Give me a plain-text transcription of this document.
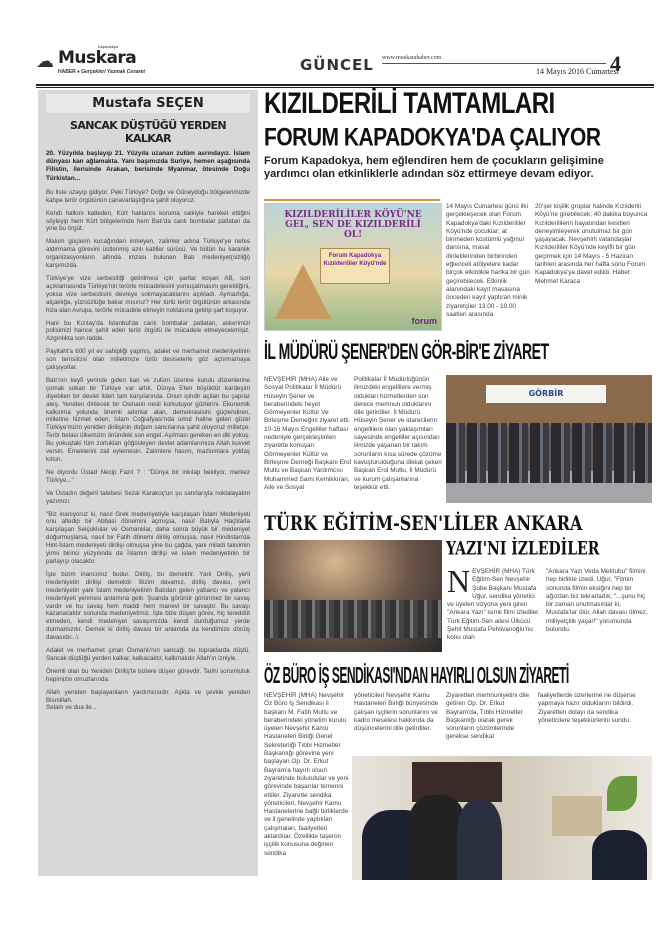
☁
Kapadokya
Muskara
HABER ♦ Gerçekleri Yazmak Cesaret	GÜNCEL www.muskarahaber.com
14 Mayıs 2016 Cumartesi
4
Mustafa SEÇEN
SANCAK DÜŞTÜĞÜ YERDEN KALKAR

20. Yüzyılda başlayıp 21. Yüzyıla uzanan zulüm asrındayız. İslam dünyası kan ağlamakta. Yanı başımızda Suriye, hemen aşağısında Filistin, ilerisinde Arakan, berisinde Myanmar, ötesinde Doğu Türkistan...

Bu liste uzayıp gidiyor. Peki Türkiye? Doğu ve Güneydoğu bölgelerimizde kahpe terör örgütünün canavarlaştığına şahit oluyoruz.

Kendi halkını katleden, Kürt haklarını koruma saikiyle hareket ettiğini söyleyip hem Kürt bölgelerinde hem Batı'da canlı bombalar patlatan da yine bu örgüt.

Malum güçlerin kucağından inmeyen, zalimler adına Türkiye'ye nefes aldırmama görevini üstlenmiş azılı katiller sürüsü. Ve bütün bu karanlık organizasyonların altında imzası bulunan Batı medeniyet(sizliği) karşımızda.

Türkiye'ye vize serbestliği getirilmesi için şartlar koşan AB, son açıklamasında Türkiye'nin terörle mücadelesini yumuşatmasını gerektiğini, yoksa vize serbestisini devreye sokmayacaklarını açıkladı. Aymazlığa, alçaklığa, yüzsüzlüğe bakar mısınız? Her türlü terör örgütünün arkasında hiza alan Avrupa, terörle mücadele etmeyin noktasına getirip şart koşuyor.

Hani bu Kızılay'da İstanbul'da canlı bombalar patlatan, askerimizi polisimizi haince şehit eden terör örgütü ile mücadele etmeyecekmişiz. Azgınlıkta son radde.

Payitaht'a 600 yıl ev sahipliği yapmış, adalet ve merhamet medeniyetinin son temsilcisi olan milletimize türlü desiselerle göz açtırmamaya çalışıyorlar.

Batı'nın keyfi yerinde giden kan ve zulüm üzerine kurulu düzenlerine çomak sokan bir Türkiye var artık. Dünya 5'ten büyüktür kardeşim diyebilen bir devlet lideri tam karşılarında. Onun içindir açılan bu çapraz ateş. Yeniden dirilecek bir Osmanlı nesli korkutuyor gözlerini. Ekonomik kalkınma yolunda önemli adımlar atan, demokrasisini güçlendiren, milletine hizmet eden, İslam Coğrafyası'nda umut haline gelen güzel Türkiye'mizin yeniden dirilişinin doğum sancılarına şahit oluyoruz milletçe. Terör belası ülkemizin önündeki son engel. Aşılması gereken en dik yokuş. Bu yokuştaki tüm zorlukları göğüsleyen devlet adamlarımıza Allah kuvvet versin. Emeklerini zail eylemesin. Zalimlere hasım, mazlumlara yoldaş kılsın.

Ne diyordu Üstad Necip Fazıl ? : "Dünya bir inkılap bekliyor, merkez Türkiye..."

Ve Üstadın değerli talebesi Sezai Karakoç'un şu satırlarıyla noktalayalım yazımızı:

"Biz inanıyoruz ki, nasıl Grek medeniyetiyle karşılaşan İslam Medeniyeti onu altedip bir Abbasi dönemini açmışsa, nasıl Batıyla Haçlılarla karşılaşan Selçuklular ve Osmanlılar, daha sonra büyük bir medeniyet doğurmuşlarsa, nasıl bir Fatih dönemi diriliş olmuşsa, nasıl Hindistan'da Hint-İslam medeniyeti dirilişi olmuşsa yine bu çağda, yani miladi takvimin yirmi birinci yüzyılında da İslamın dirilişi ve islam medeniyetinin bir parlayışı olacaktır.

İşte bizim inancımız budur. Diriliş, bu demektir. Yani Diriliş, yerli medeniyetin dirilişi demektir. Bizim davamız, diriliş davası, yerli medeniyetin yani İslam medeniyetinin Batıdan gelen yabancı ve yalancı medeniyeti yenmesi anlamına gelir. Şuanda görünür görünmez bir savaş vardır ve bu savaş hem maddi hem manevi bir savaştır. Bu savaşı kazanacaktır sonunda medeniyetimiz. İşte bize düşen görev, hiç tereddüt etmeden, kendi medeniyet savaşımızda kendi durduğumuz yerde durmamızdır. Demek ki diriliş davası bir anlamda da kendimize dönüş davasıdır...\

Adalet ve merhamet çınan Osmanlı'nın sancağı bu topraklarda düştü. Sancak düştüğü yerden kalkar, kalkacaktır, kalkmalıdır Allah'ın izniyle.

Önemli olan bu Yeniden Diriliş'te bizlere düşen görevdir. Tarihi sorumluluk hepimizin omuzlarında.

Allah yeniden başlayanların yardımcısıdır. Aşkla ve şevkle yeniden Bismillah.
Selam ve dua ile...

KIZILDERİLİ TAMTAMLARI
FORUM KAPADOKYA'DA ÇALIYOR
Forum Kapadokya, hem eğlendiren hem de çocukların gelişimine yardımcı olan etkinliklerle adından söz ettirmeye devam ediyor.
KIZILDERİLİLER KÖYÜ'NE GEL, SEN DE KIZILDERİLİ OL!
Forum Kapadokya Kızılderililer Köyü'nde
forum
14 Mayıs Cumartesi günü ilki gerçekleşecek olan Forum Kapadokya'daki Kızılderililer Köyü'nde çocuklar; at binmeden kostümlü yağmur dansına, masal dinletilerinden birbirinden eğlenceli atölyelere kadar birçok etkinlikle harika bir gün geçirebilecek. Etkinlik alanındaki kayıt masasına önceden kayıt yaptıran minik ziyaretçiler 13.00 - 19.00 saatleri arasında
20'şer kişilik gruplar halinde Kızılderili Köyü'ne girebilecek; 40 dakika boyunca Kızılderililerin hayatından kesitleri deneyimleyerek unutulmaz bir gün yaşayacak. Nevşehirli vatandaşlar Kızılderililer Köyü'nde keyifli bir gün geçirmek için 14 Mayıs - 5 Haziran tarihleri arasında her hafta sonu Forum Kapadokya'ya davet edildi. Haber: Mehmet Karaca
İL MÜDÜRÜ ŞENER'DEN GÖR-BİR'E ZİYARET
NEVŞEHİR (MHA) Aile ve Sosyal Politikalar İl Müdürü Hüseyin Şener ve beraberindeki heyet Görmeyenler Kültür Ve Birleşme Demeğini ziyaret etti. 10-16 Mayıs Engelliler haftası nedeniyle gerçekleştirilen ziyarette konuşan Görmeyenler Kültür ve Birleşme Derneği Başkanı Erol Mutlu ve Başkan Yardımcısı Muhammed Sami Kemikkıran, Aile ve Sosyal
Politikalar İl Müdürlüğünün ilimizdeki engellilere vermiş oldukları hizmetlerden son derece memnun olduklarını dile getirdiler. İl Müdürü Hüseyin Şener ve idarecilerin engellilere olan yaklaşımları sayesinde engelliler açısından ilimizde yaşanan bir takım sorunların kısa sürede çözüme kavuşturulduğuna dikkat çeken Başkan Erol Mutlu, İl Müdürü ve kurum çalışanlarına teşekkür etti.
GÖRBİR
TÜRK EĞİTİM-SEN'LİLER ANKARA
YAZI'NI İZLEDİLER
NEVŞEHİR (MHA) Türk Eğitim-Sen Nevşehir Şube Başkanı Mustafa Uğur, sendika yönetici ve üyeleri vizyona yeni giren "Ankara Yazı" isimli filmi izlediler. Türk Eğitim-Sen ailesi Ülkücü Şehit Mustafa Pehlivanoğlu'nu konu olan
"Ankara Yazı Veda Mektubu" filmini hep birlikte izledi. Uğur, "Filmin sonunda filmin eksiğini hep bir ağızdan biz tekrarladık; "...şunu hiç bir zaman unutmasınlar ki, Mustafa'lar ölür, Allah davası ölmez, milliyetçilik yaşar!" yorumunda bulundu.
ÖZ BÜRO İŞ SENDİKASI'NDAN HAYIRLI OLSUN ZİYARETİ
NEVŞEHİR (MHA) Nevşehir Öz Büro İş Sendikası il başkanı M. Fatih Mutlu ve beraberindeki yönetim kurulu üyeleri Nevşehir Kamu Hastaneleri Birliği Genel Sekreterliği Tıbbi Hizmetler Başkanlığı görevine yeni başlayan Op. Dr. Erkut Bayram'a hayırlı olsun ziyaretinde bulundular ve yeni görevinde başarılar temenni ettiler. Ziyarette sendika yöneticileri, Nevşehir Kamu Hastanelerine bağlı birliklerde ve il genelinde yaptıkları çalışmaları, faaliyetleri aktardılar. Özellikle taşeron işçilik konusuna değinen sendika
yöneticileri Nevşehir Kamu Hastaneleri Birliği bünyesinde çalışan işçilerin sorunlarını ve kadro meselesi hakkında da düşüncelerini dile getirdiler.
Ziyaretten memnuniyetini dile getiren Op. Dr. Erkut Bayram'da, Tıbbi Hizmetler Başkanlığı olarak gerek sorunların çözümlerinde gerekse sendikal
faaliyetlerde üzerlerine ne düşerse yapmaya hazır olduklarını bildirdi. Ziyaretten dolayı da sendika yöneticilere teşekkürlerini sundu.
